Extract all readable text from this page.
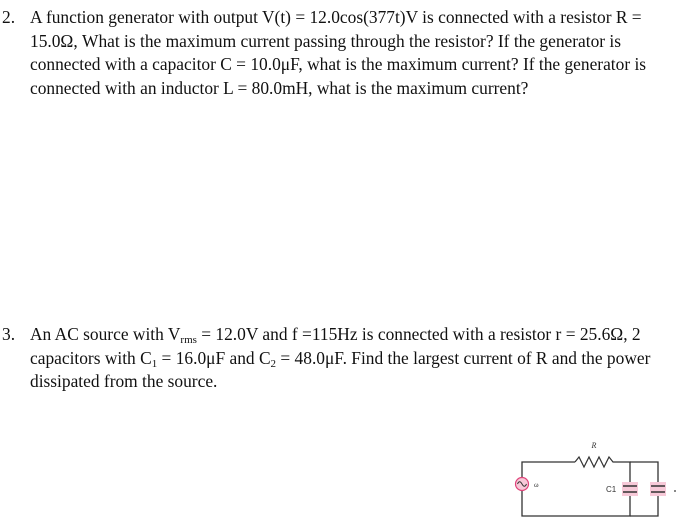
2. A function generator with output V(t) = 12.0cos(377t)V is connected with a resistor R =
15.0Ω, What is the maximum current passing through the resistor? If the generator is
connected with a capacitor C = 10.0μF, what is the maximum current? If the generator is
connected with an inductor L = 80.0mH, what is the maximum current?
3. An AC source with $V_{rms} = 12.0V$ and f =115Hz is connected with a resistor r = 25.6Ω, 2
capacitors with $C_1 = 16.0\mu F$ and $C_2 = 48.0\mu F$. Find the largest current of R and the power
dissipated from the source.
R
ω	C1
